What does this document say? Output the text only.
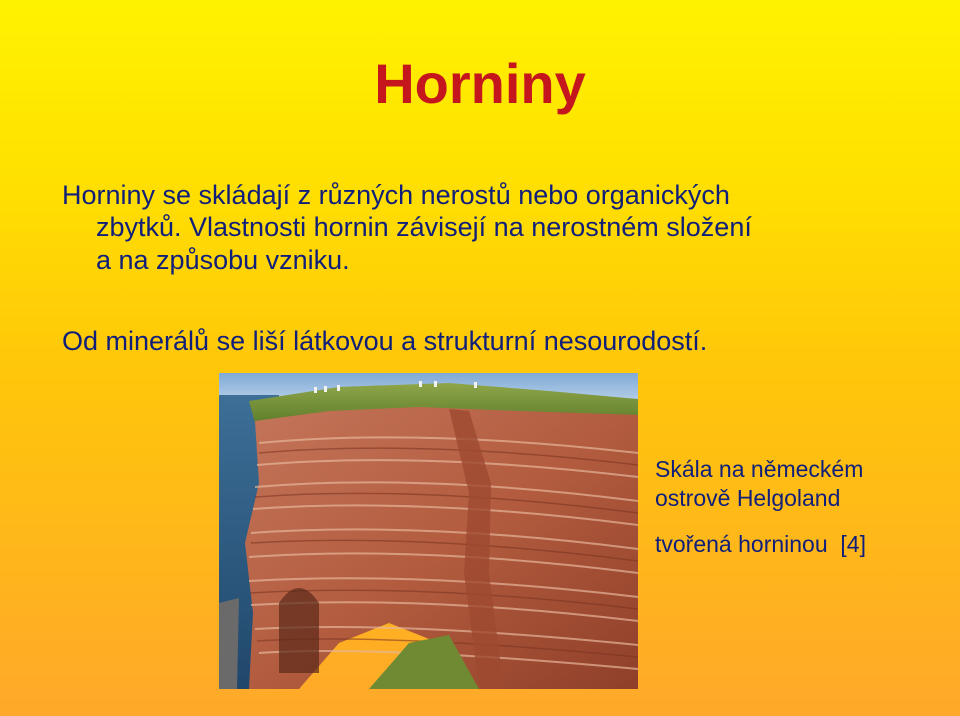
Horniny
Horniny se skládají z různých nerostů nebo organických
zbytků. Vlastnosti hornin závisejí na nerostném složení
a na způsobu vzniku.
Od minerálů se liší látkovou a strukturní nesourodostí.
Skála na německém
ostrově Helgoland
tvořená horninou [4]
